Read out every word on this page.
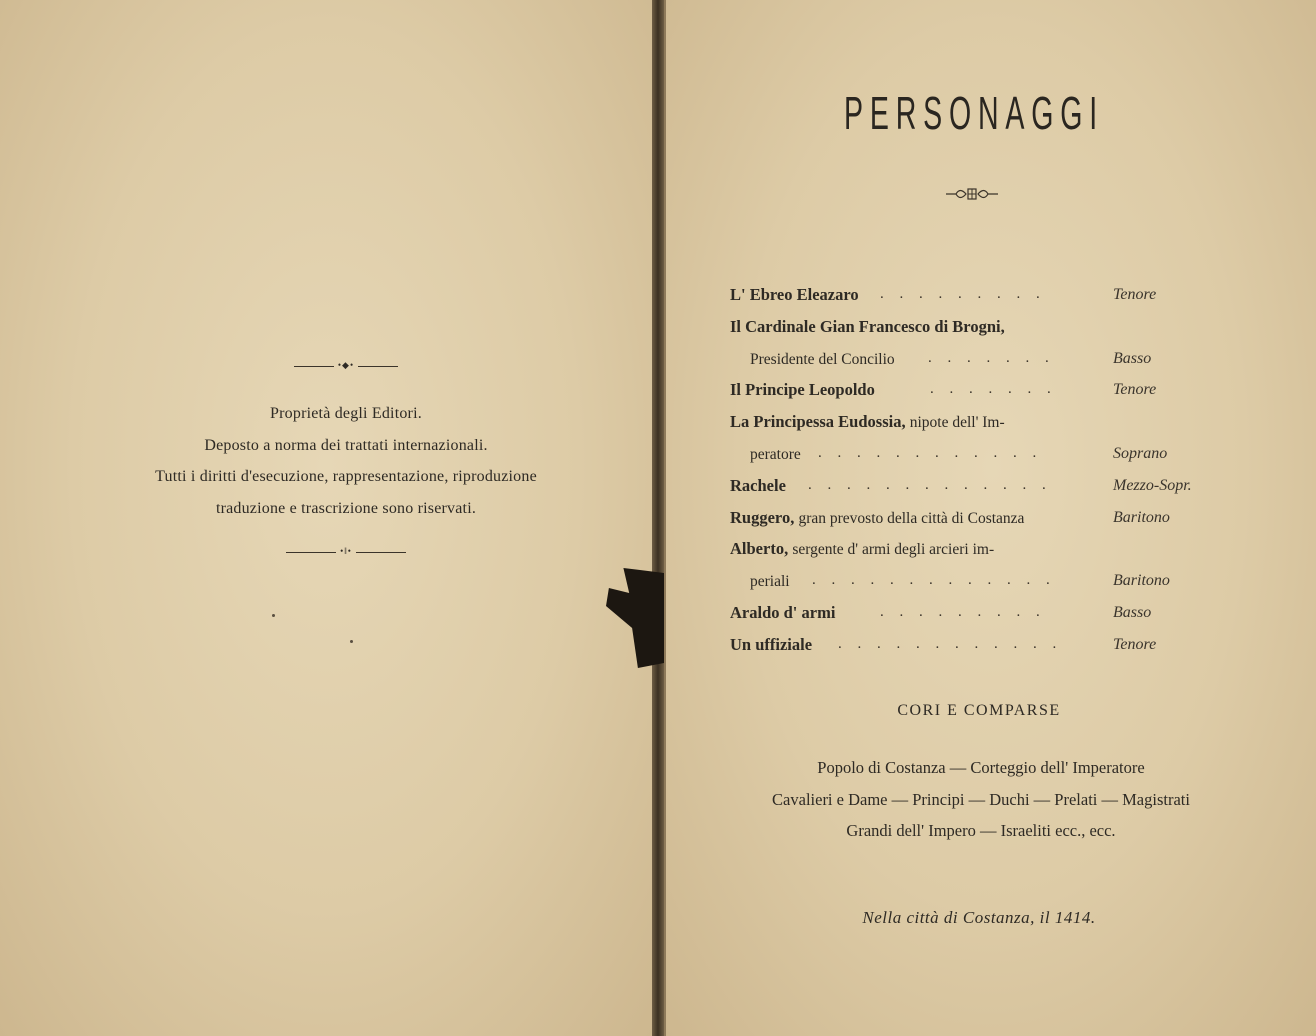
•◆•

Proprietà degli Editori.

Deposto a norma dei trattati internazionali.

Tutti i diritti d'esecuzione, rappresentazione, riproduzione

traduzione e trascrizione sono riservati.

•‖•
PERSONAGGI
L' Ebreo Eleazaro . . . . . . . . .	Tenore
Il Cardinale Gian Francesco di Brogni,
Presidente del Concilio . . . . . . .	Basso
Il Principe Leopoldo	. . . . . . .	Tenore
La Principessa Eudossia, nipote dell' Im-
peratore . . . . . . . . . . . .	Soprano
Rachele . . . . . . . . . . . . .	Mezzo-Sopr.
Ruggero, gran prevosto della città di Costanza	Baritono
Alberto, sergente d' armi degli arcieri im-
periali . . . . . . . . . . . . .	Baritono
Araldo d' armi	. . . . . . . . .	Basso
Un uffiziale . . . . . . . . . . . .	Tenore
CORI E COMPARSE

Popolo di Costanza — Corteggio dell' Imperatore

Cavalieri e Dame — Principi — Duchi — Prelati — Magistrati

Grandi dell' Impero — Israeliti ecc., ecc.

Nella città di Costanza, il 1414.
